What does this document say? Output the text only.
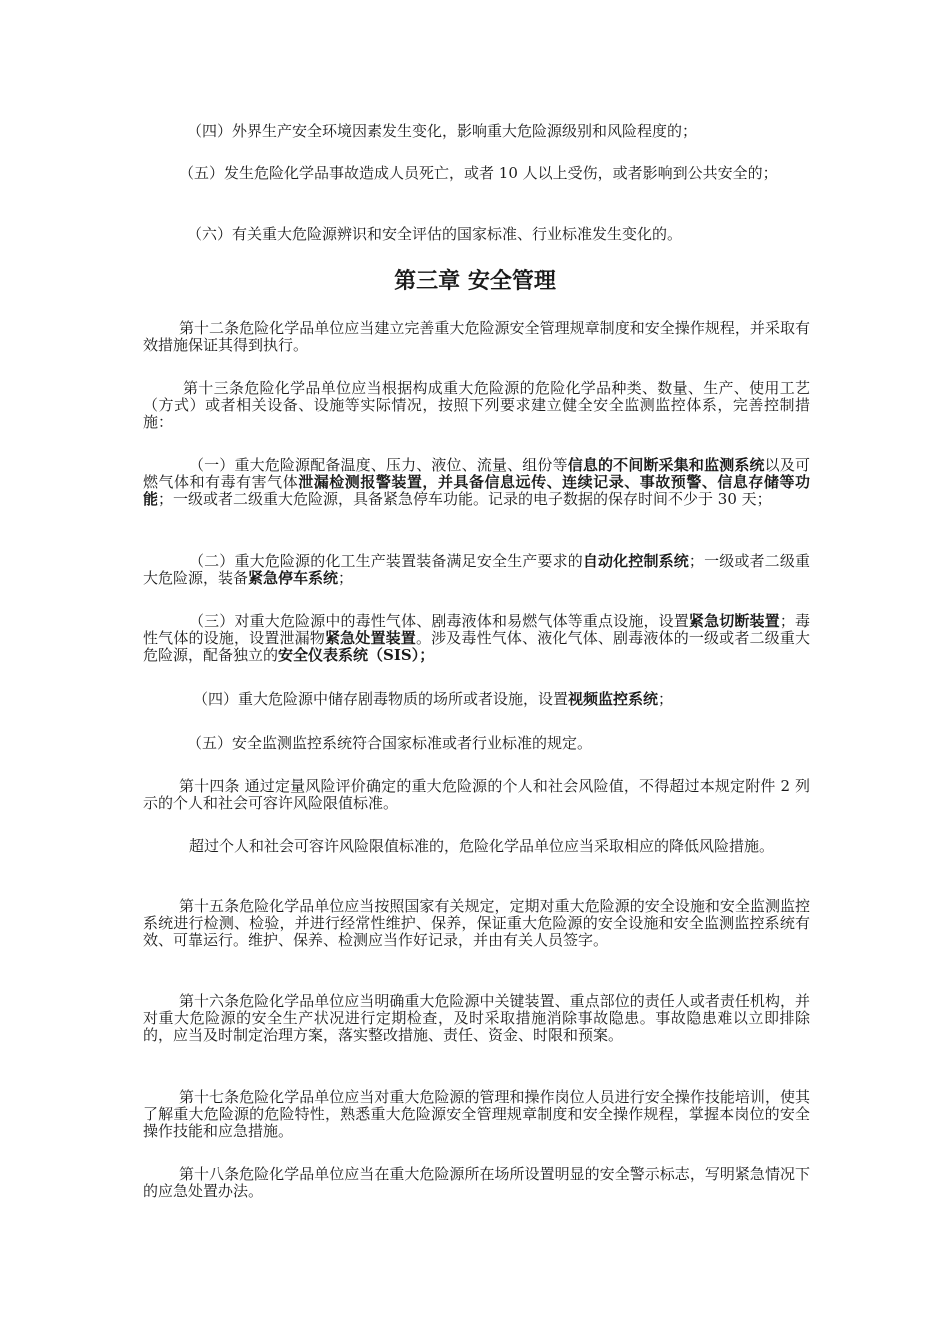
（四）外界生产安全环境因素发生变化，影响重大危险源级别和风险程度的；

（五）发生危险化学品事故造成人员死亡，或者 10 人以上受伤，或者影响到公共安全的；

（六）有关重大危险源辨识和安全评估的国家标准、行业标准发生变化的。

第三章 安全管理

第十二条危险化学品单位应当建立完善重大危险源安全管理规章制度和安全操作规程，并采取有效措施保证其得到执行。

第十三条危险化学品单位应当根据构成重大危险源的危险化学品种类、数量、生产、使用工艺（方式）或者相关设备、设施等实际情况，按照下列要求建立健全安全监测监控体系，完善控制措施：

（一）重大危险源配备温度、压力、液位、流量、组份等信息的不间断采集和监测系统以及可燃气体和有毒有害气体泄漏检测报警装置，并具备信息远传、连续记录、事故预警、信息存储等功能；一级或者二级重大危险源，具备紧急停车功能。记录的电子数据的保存时间不少于 30 天；

（二）重大危险源的化工生产装置装备满足安全生产要求的自动化控制系统；一级或者二级重大危险源，装备紧急停车系统；

（三）对重大危险源中的毒性气体、剧毒液体和易燃气体等重点设施，设置紧急切断装置；毒性气体的设施，设置泄漏物紧急处置装置。涉及毒性气体、液化气体、剧毒液体的一级或者二级重大危险源，配备独立的安全仪表系统（SIS）；

（四）重大危险源中储存剧毒物质的场所或者设施，设置视频监控系统；

（五）安全监测监控系统符合国家标准或者行业标准的规定。

第十四条 通过定量风险评价确定的重大危险源的个人和社会风险值，不得超过本规定附件 2 列示的个人和社会可容许风险限值标准。

超过个人和社会可容许风险限值标准的，危险化学品单位应当采取相应的降低风险措施。

第十五条危险化学品单位应当按照国家有关规定，定期对重大危险源的安全设施和安全监测监控系统进行检测、检验，并进行经常性维护、保养，保证重大危险源的安全设施和安全监测监控系统有效、可靠运行。维护、保养、检测应当作好记录，并由有关人员签字。

第十六条危险化学品单位应当明确重大危险源中关键装置、重点部位的责任人或者责任机构，并对重大危险源的安全生产状况进行定期检查，及时采取措施消除事故隐患。事故隐患难以立即排除的，应当及时制定治理方案，落实整改措施、责任、资金、时限和预案。

第十七条危险化学品单位应当对重大危险源的管理和操作岗位人员进行安全操作技能培训，使其了解重大危险源的危险特性，熟悉重大危险源安全管理规章制度和安全操作规程，掌握本岗位的安全操作技能和应急措施。

第十八条危险化学品单位应当在重大危险源所在场所设置明显的安全警示标志，写明紧急情况下的应急处置办法。
